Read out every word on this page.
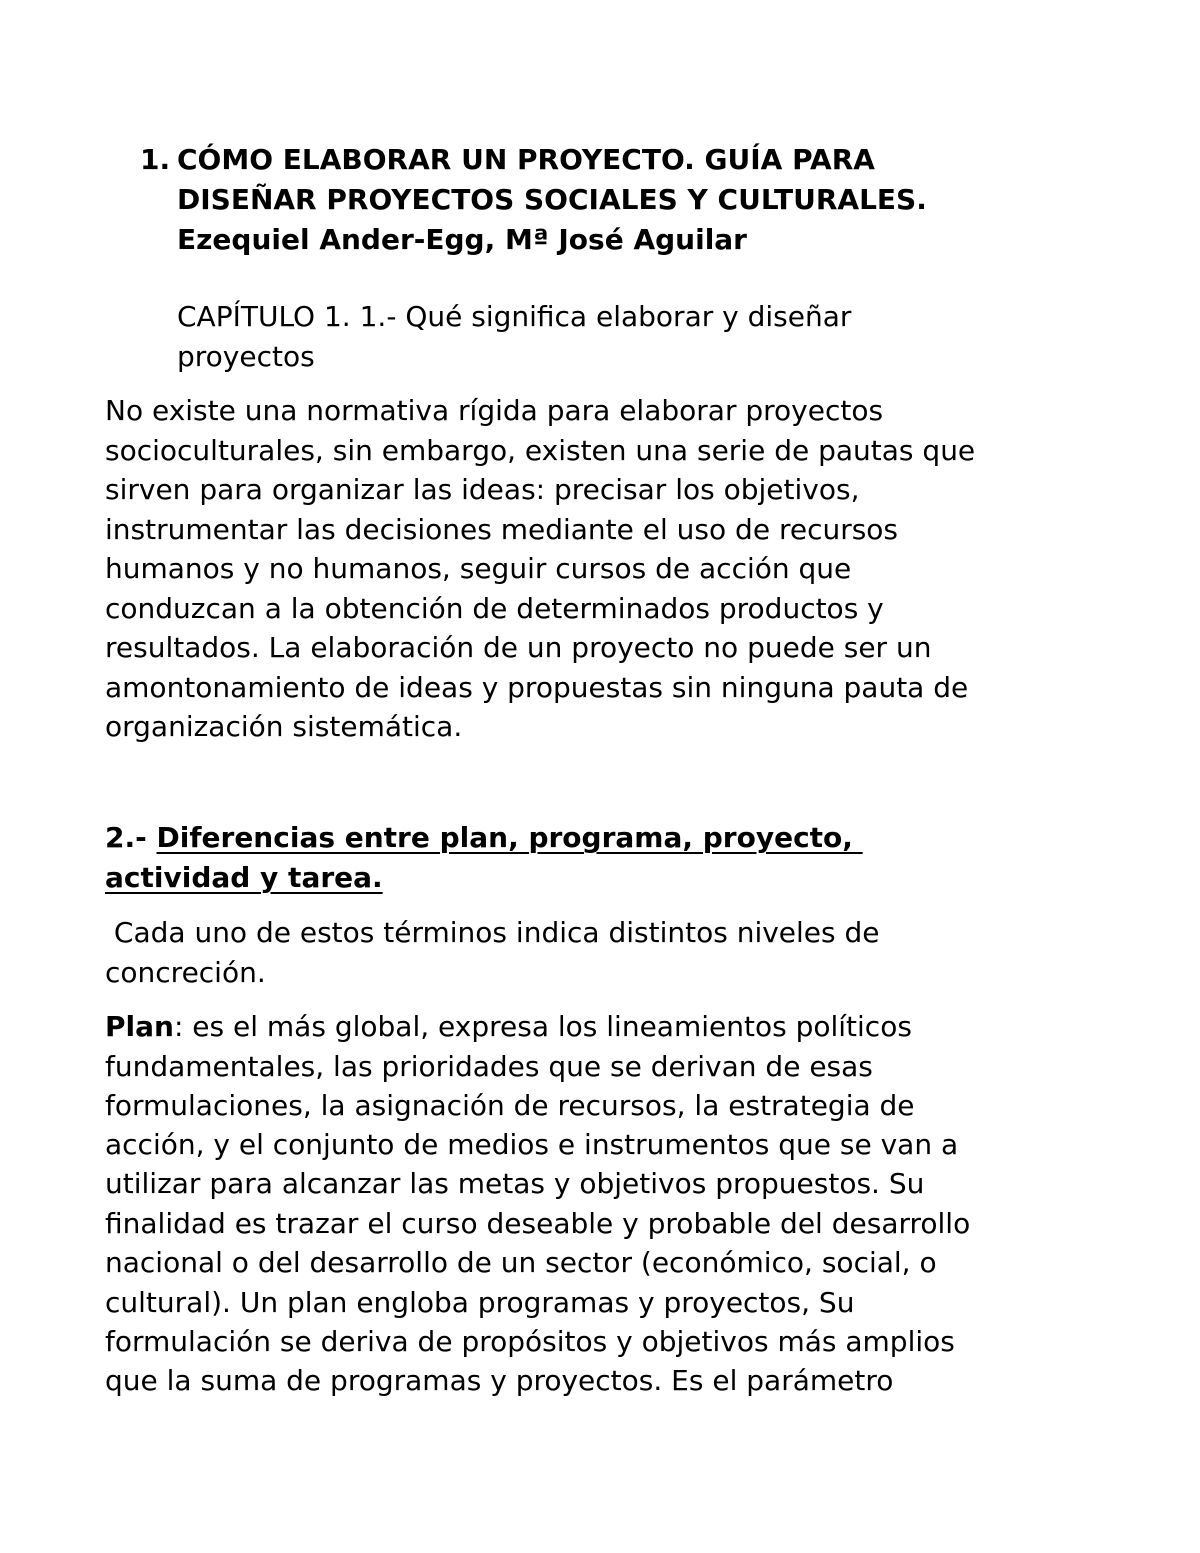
1. CÓMO ELABORAR UN PROYECTO. GUÍA PARA
DISEÑAR PROYECTOS SOCIALES Y CULTURALES.
Ezequiel Ander-Egg, Mª José Aguilar
CAPÍTULO 1. 1.- Qué significa elaborar y diseñar
proyectos
No existe una normativa rígida para elaborar proyectos
socioculturales, sin embargo, existen una serie de pautas que
sirven para organizar las ideas: precisar los objetivos,
instrumentar las decisiones mediante el uso de recursos
humanos y no humanos, seguir cursos de acción que
conduzcan a la obtención de determinados productos y
resultados. La elaboración de un proyecto no puede ser un
amontonamiento de ideas y propuestas sin ninguna pauta de
organización sistemática.
2.- Diferencias entre plan, programa, proyecto,
actividad y tarea.
Cada uno de estos términos indica distintos niveles de
concreción.
Plan: es el más global, expresa los lineamientos políticos
fundamentales, las prioridades que se derivan de esas
formulaciones, la asignación de recursos, la estrategia de
acción, y el conjunto de medios e instrumentos que se van a
utilizar para alcanzar las metas y objetivos propuestos. Su
finalidad es trazar el curso deseable y probable del desarrollo
nacional o del desarrollo de un sector (económico, social, o
cultural). Un plan engloba programas y proyectos, Su
formulación se deriva de propósitos y objetivos más amplios
que la suma de programas y proyectos. Es el parámetro
